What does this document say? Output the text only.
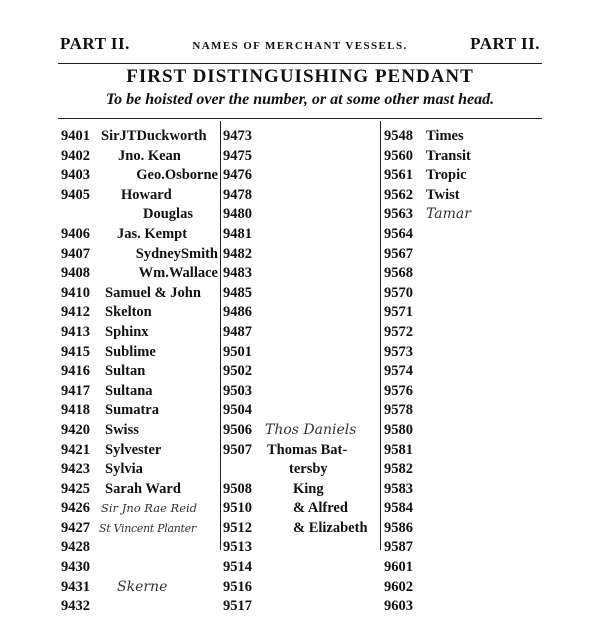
PART II.	NAMES OF MERCHANT VESSELS.	PART II.
FIRST DISTINGUISHING PENDANT
To be hoisted over the number, or at some other mast head.
9401 SirJTDuckworth
9402 Jno. Kean
9403	Geo.Osborne
9405 Howard
Douglas
9406 Jas. Kempt
9407	SydneySmith
9408	Wm.Wallace
9410 Samuel & John
9412 Skelton
9413 Sphinx
9415 Sublime
9416 Sultan
9417 Sultana
9418 Sumatra
9420 Swiss
9421 Sylvester
9423 Sylvia
9425 Sarah Ward
9426 Sir Jno Rae Reid
9427 St Vincent Planter
9428
9430
9431 Skerne
9432
9473
9475
9476
9478
9480
9481
9482
9483
9485
9486
9487
9501
9502
9503
9504
9506 Thos Daniels
9507 Thomas Bat-
tersby
9508	King
9510	& Alfred
9512	& Elizabeth
9513
9514
9516
9517
9548 Times
9560 Transit
9561 Tropic
9562 Twist
9563 Tamar
9564
9567
9568
9570
9571
9572
9573
9574
9576
9578
9580
9581
9582
9583
9584
9586
9587
9601
9602
9603
